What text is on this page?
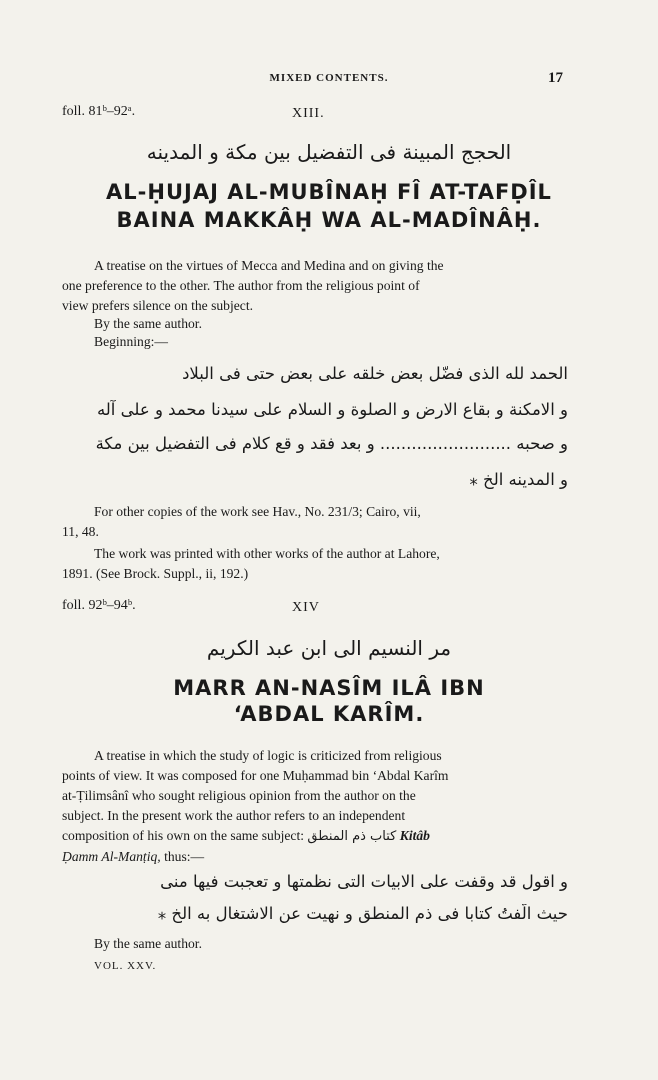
MIXED CONTENTS.	17
foll. 81ᵇ–92ᵃ.	XIII.
الحجج المبينة فى التفضيل بين مكة و المدينه
AL-ḤUJAJ AL-MUBÎNAḤ FÎ AT-TAFḌÎL
BAINA MAKKÂḤ WA AL-MADÎNÂḤ.
A treatise on the virtues of Mecca and Medina and on giving the
one preference to the other. The author from the religious point of
view prefers silence on the subject.
By the same author.
Beginning:—
الحمد لله الذى فضّل بعض خلقه على بعض حتى فى البلاد
و الامكنة و بقاع الارض و الصلوة و السلام على سيدنا محمد و على آله
و صحبه ......................... و بعد فقد و قع كلام فى التفضيل بين مكة
و المدينه الخ ⁎
For other copies of the work see Hav., No. 231/3; Cairo, vii,
11, 48.
The work was printed with other works of the author at Lahore,
1891. (See Brock. Suppl., ii, 192.)
foll. 92ᵇ–94ᵇ.	XIV
مر النسيم الى ابن عبد الكريم
MARR AN-NASÎM ILÂ IBN
‘ABDAL KARÎM.
A treatise in which the study of logic is criticized from religious
points of view. It was composed for one Muḥammad bin ‘Abdal Karîm
at-Ṭilimsânî who sought religious opinion from the author on the
subject. In the present work the author refers to an independent
composition of his own on the same subject: كتاب ذم المنطق Kitâb
Ḍamm Al-Manṭiq, thus:—
و اقول قد وقفت على الابيات التى نظمتها و تعجبت فيها منى
حيث الّفتُ كتابا فى ذم المنطق و نهيت عن الاشتغال به الخ ⁎
By the same author.
VOL. XXV.
